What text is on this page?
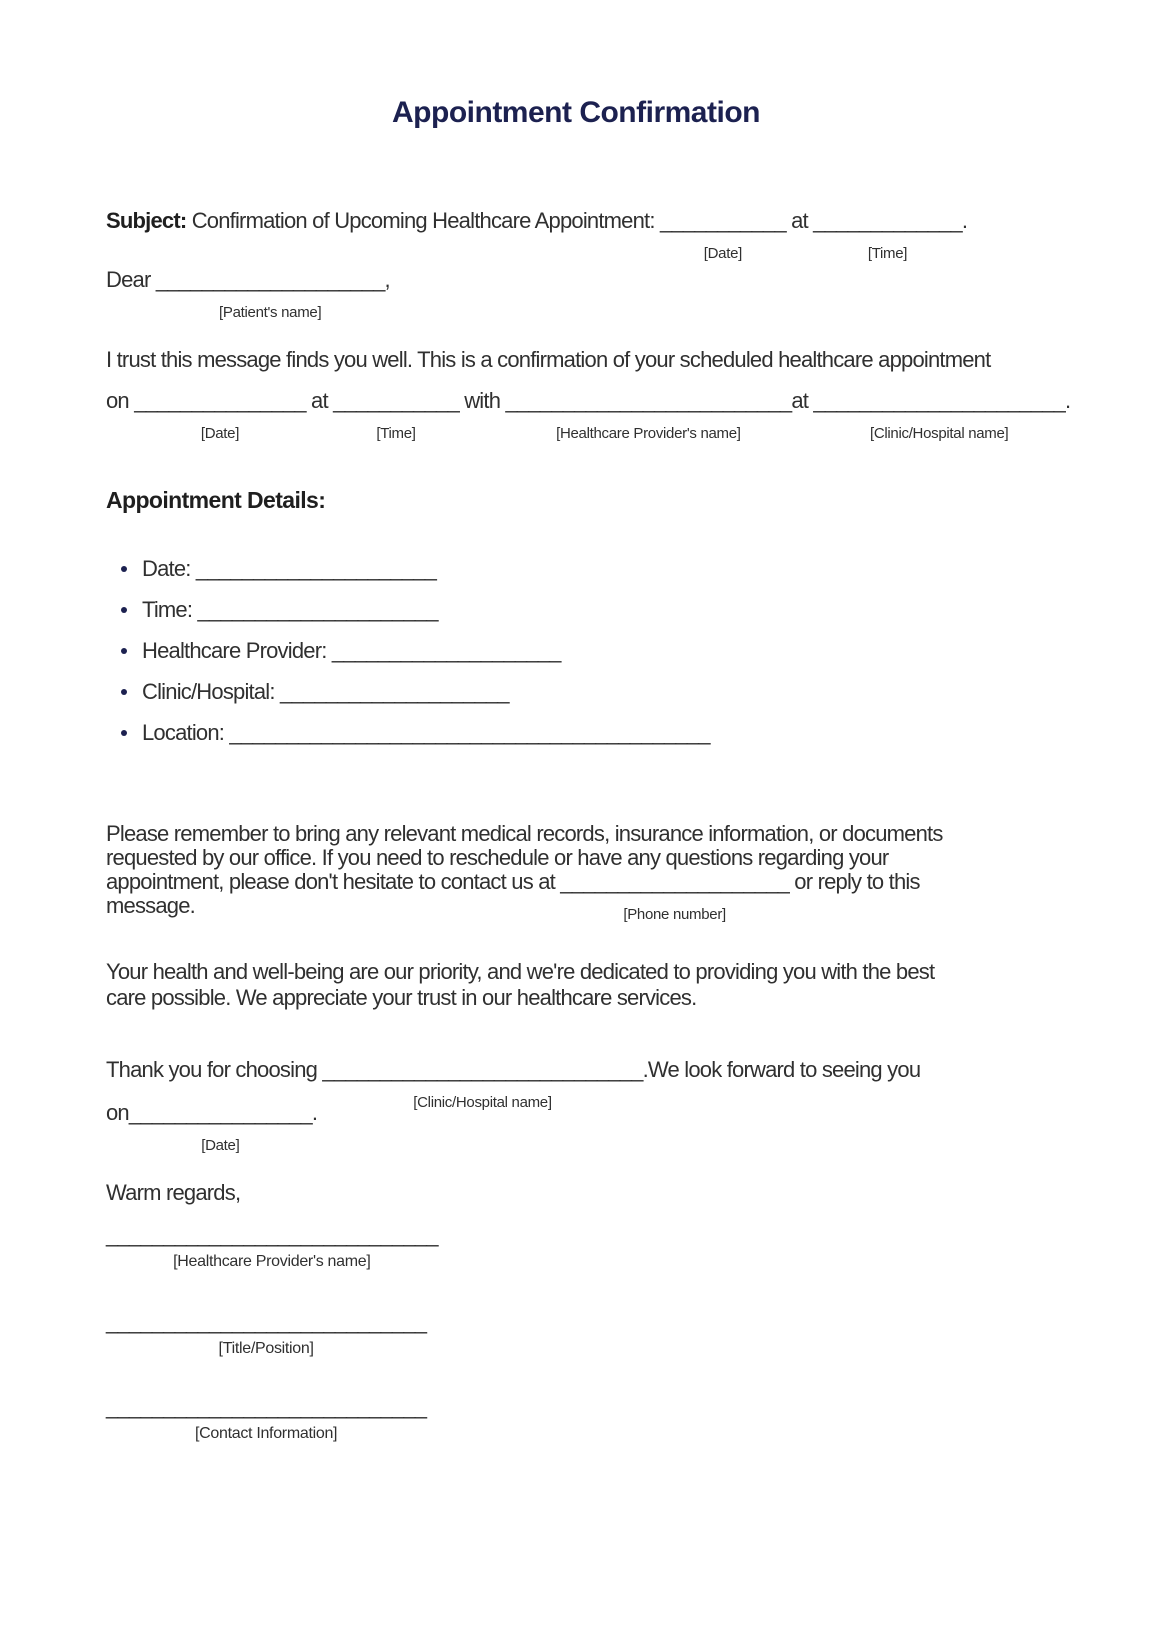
Appointment Confirmation
Subject: Confirmation of Upcoming Healthcare Appointment: ___________
[Date]
at _____________
[Time]
.
Dear ____________________
[Patient's name]
,
I trust this message finds you well. This is a confirmation of your scheduled healthcare appointment
on _______________
[Date]
at ___________
[Time]
with _________________________
[Healthcare Provider's name]
at ______________________
[Clinic/Hospital name]
.
Appointment Details:
Date: _____________________
Time: _____________________
Healthcare Provider: ____________________
Clinic/Hospital: ____________________
Location: __________________________________________
Please remember to bring any relevant medical records, insurance information, or documents
requested by our office. If you need to reschedule or have any questions regarding your
appointment, please don't hesitate to contact us at ____________________
[Phone number]
or reply to this
message.
Your health and well-being are our priority, and we're dedicated to providing you with the best
care possible. We appreciate your trust in our healthcare services.
Thank you for choosing ____________________________
[Clinic/Hospital name]
.We look forward to seeing you
on________________
[Date]
.
Warm regards,
_____________________________
[Healthcare Provider's name]
____________________________
[Title/Position]
____________________________
[Contact Information]
